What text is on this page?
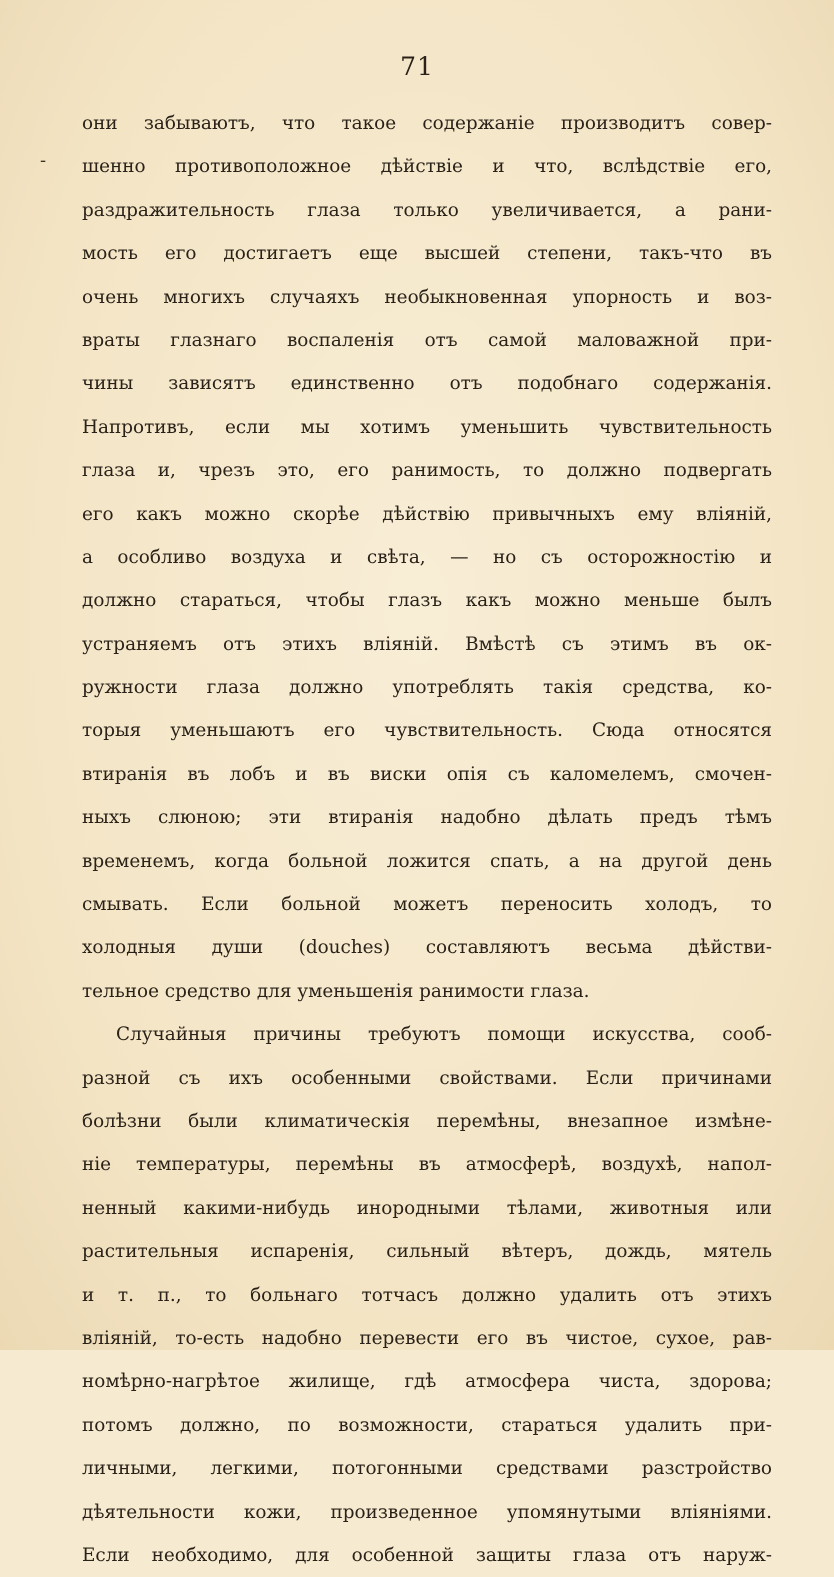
71
-
они забываютъ, что такое содержаніе производитъ совер-
шенно противоположное дѣйствіе и что, вслѣдствіе его,
раздражительность глаза только увеличивается, а рани-
мость его достигаетъ еще высшей степени, такъ-что въ
очень многихъ случаяхъ необыкновенная упорность и воз-
враты глазнаго воспаленія отъ самой маловажной при-
чины зависятъ единственно отъ подобнаго содержанія.
Напротивъ, если мы хотимъ уменьшить чувствительность
глаза и, чрезъ это, его ранимость, то должно подвергать
его какъ можно скорѣе дѣйствію привычныхъ ему вліяній,
а особливо воздуха и свѣта, — но съ осторожностію и
должно стараться, чтобы глазъ какъ можно меньше былъ
устраняемъ отъ этихъ вліяній. Вмѣстѣ съ этимъ въ ок-
ружности глаза должно употреблять такія средства, ко-
торыя уменьшаютъ его чувствительность. Сюда относятся
втиранія въ лобъ и въ виски опія съ каломелемъ, смочен-
ныхъ слюною; эти втиранія надобно дѣлать предъ тѣмъ
временемъ, когда больной ложится спать, а на другой день
смывать. Если больной можетъ переносить холодъ, то
холодныя души (douches) составляютъ весьма дѣйстви-
тельное средство для уменьшенія ранимости глаза.
Случайныя причины требуютъ помощи искусства, сооб-
разной съ ихъ особенными свойствами. Если причинами
болѣзни были климатическія перемѣны, внезапное измѣне-
ніе температуры, перемѣны въ атмосферѣ, воздухѣ, напол-
ненный какими-нибудь инородными тѣлами, животныя или
растительныя испаренія, сильный вѣтеръ, дождь, мятель
и т. п., то больнаго тотчасъ должно удалить отъ этихъ
вліяній, то-есть надобно перевести его въ чистое, сухое, рав-
номѣрно-нагрѣтое жилище, гдѣ атмосфера чиста, здорова;
потомъ должно, по возможности, стараться удалить при-
личными, легкими, потогонными средствами разстройство
дѣятельности кожи, произведенное упомянутыми вліяніями.
Если необходимо, для особенной защиты глаза отъ наруж-
